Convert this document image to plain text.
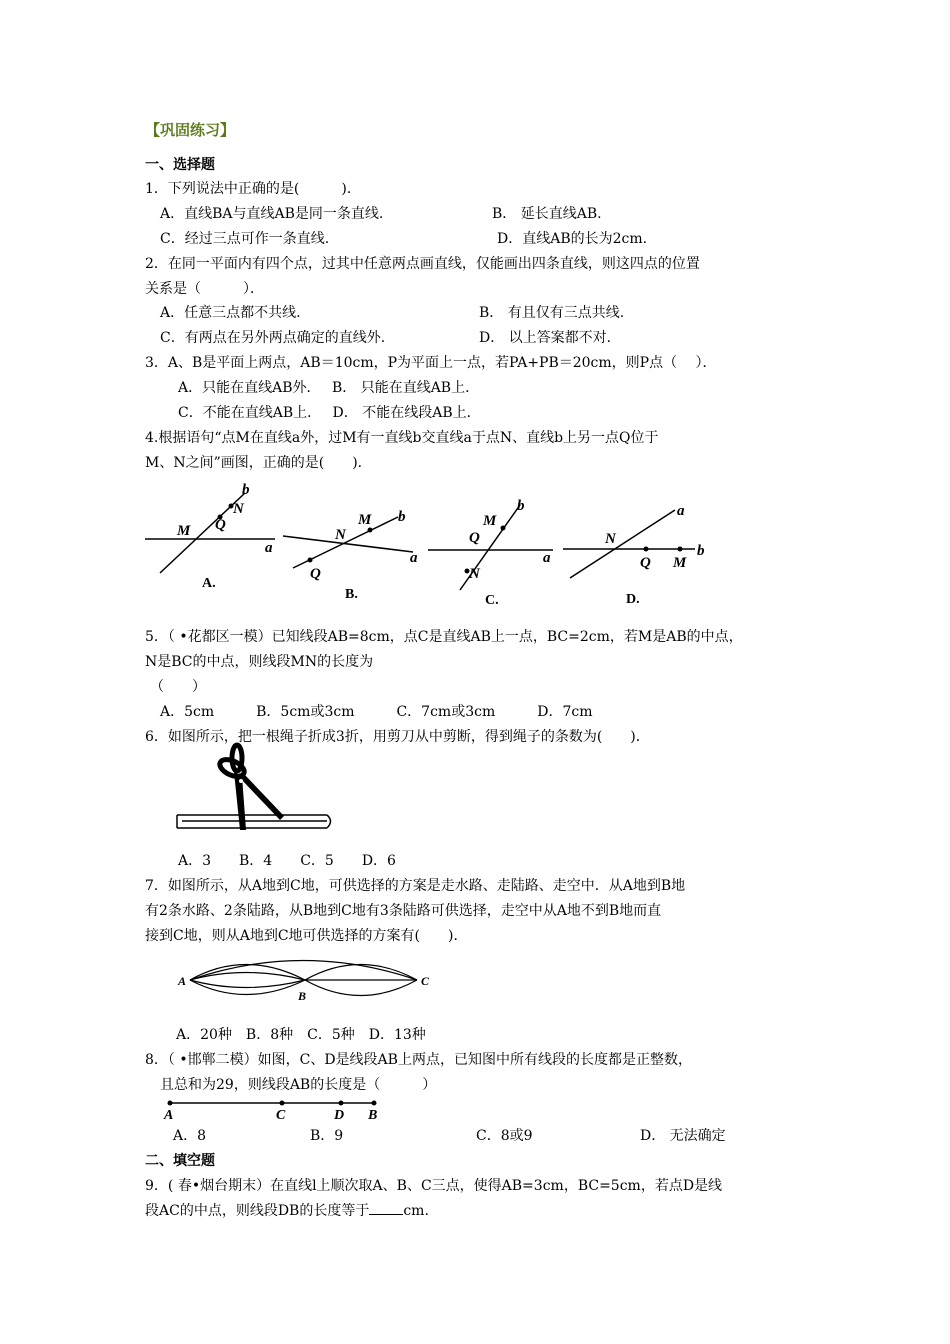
【巩固练习】
一、选择题
1．下列说法中正确的是(　　　)．
A．直线BA与直线AB是同一条直线.	B． 延长直线AB.
C．经过三点可作一条直线.	D．直线AB的长为2cm.
2．在同一平面内有四个点，过其中任意两点画直线，仅能画出四条直线，则这四点的位置
关系是（　　　）．
A．任意三点都不共线.	B． 有且仅有三点共线.
C．有两点在另外两点确定的直线外.	D． 以上答案都不对.
3．A、B是平面上两点，AB＝10cm，P为平面上一点，若PA+PB＝20cm，则P点（　 ）．
A．只能在直线AB外．　 B． 只能在直线AB上．
C．不能在直线AB上．　 D． 不能在线段AB上．
4.根据语句“点M在直线a外，过M有一直线b交直线a于点N、直线b上另一点Q位于
M、N之间”画图，正确的是(　　)．
b
N
M Q
a
A.
M b
N
a
Q
B.
b
M
Q
a
N
C.
a
N
Q M
b
D.
5．（ •花都区一模）已知线段AB=8cm，点C是直线AB上一点，BC=2cm，若M是AB的中点，
N是BC的中点，则线段MN的长度为
（　　）
A．5cm　　　B．5cm或3cm　　　C．7cm或3cm　　　D．7cm
6．如图所示，把一根绳子折成3折，用剪刀从中剪断，得到绳子的条数为(　　)．
A．3　　B．4　　C．5　　D．6
7．如图所示，从A地到C地，可供选择的方案是走水路、走陆路、走空中．从A地到B地
有2条水路、2条陆路，从B地到C地有3条陆路可供选择，走空中从A地不到B地而直
接到C地，则从A地到C地可供选择的方案有(　　)．
A
B
C
A．20种　B．8种　C．5种　D．13种
8．（ •邯郸二模）如图，C、D是线段AB上两点，已知图中所有线段的长度都是正整数，
且总和为29，则线段AB的长度是（　　　）
A	C	D B
A．8	B．9	C．8或9	D． 无法确定
二、填空题
9．( 春•烟台期末）在直线l上顺次取A、B、C三点，使得AB=3cm，BC=5cm，若点D是线
段AC的中点，则线段DB的长度等于 cm.
